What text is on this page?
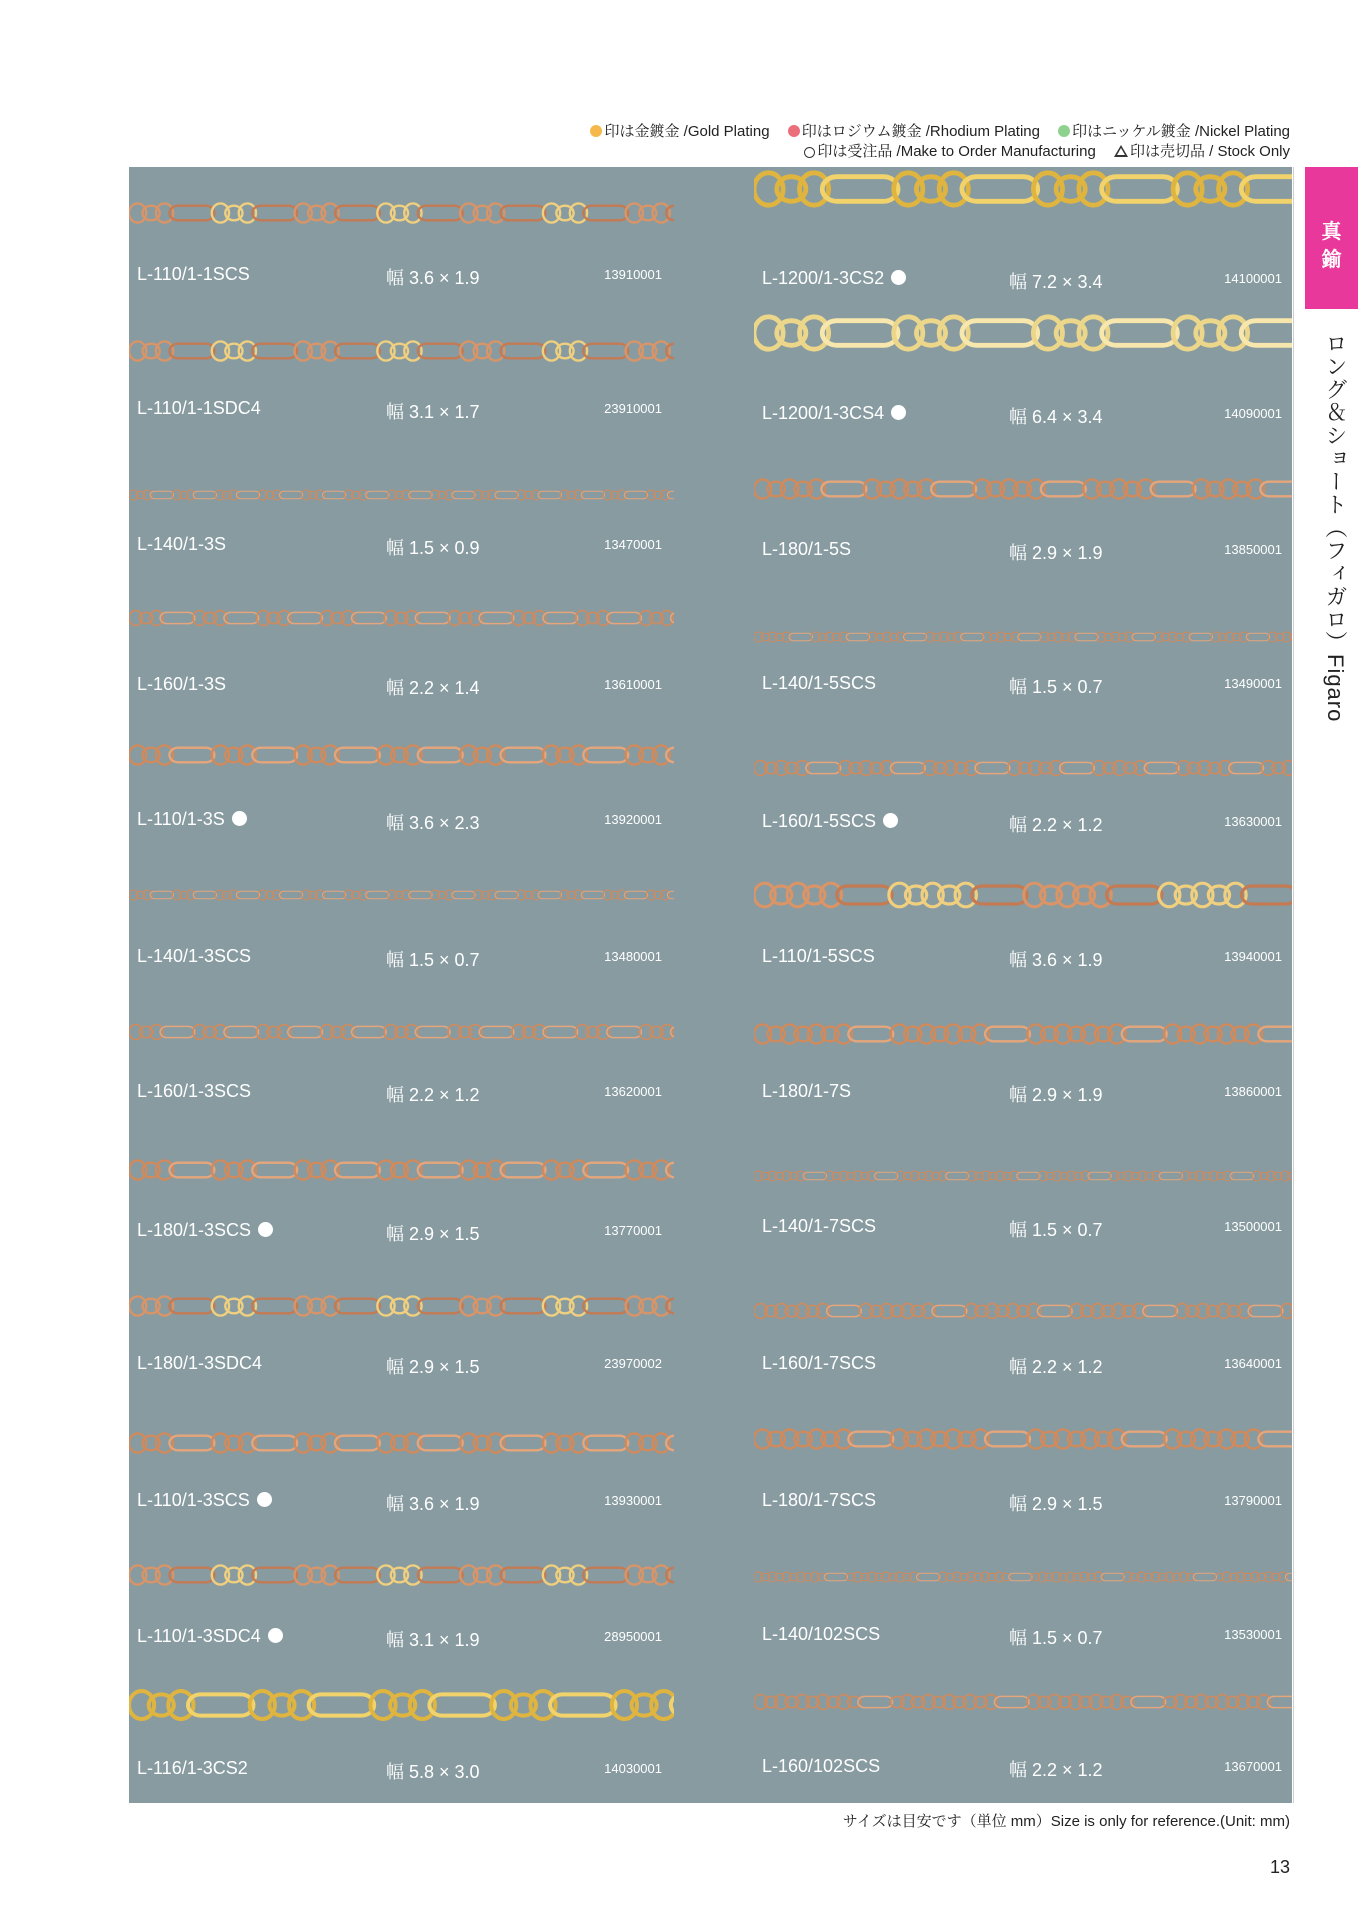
印は金鍍金 /Gold Plating 印はロジウム鍍金 /Rhodium Plating 印はニッケル鍍金 /Nickel Plating
印は受注品 /Make to Order Manufacturing 印は売切品 / Stock Only
L-110/1-1SCS	幅 3.6 × 1.9	13910001
L-110/1-1SDC4	幅 3.1 × 1.7	23910001
L-140/1-3S	幅 1.5 × 0.9	13470001
L-160/1-3S	幅 2.2 × 1.4	13610001
L-110/1-3S	幅 3.6 × 2.3	13920001
L-140/1-3SCS	幅 1.5 × 0.7	13480001
L-160/1-3SCS	幅 2.2 × 1.2	13620001
L-180/1-3SCS	幅 2.9 × 1.5	13770001
L-180/1-3SDC4	幅 2.9 × 1.5	23970002
L-110/1-3SCS	幅 3.6 × 1.9	13930001
L-110/1-3SDC4	幅 3.1 × 1.9	28950001
L-116/1-3CS2	幅 5.8 × 3.0	14030001
L-1200/1-3CS2	幅 7.2 × 3.4	14100001
L-1200/1-3CS4	幅 6.4 × 3.4	14090001
L-180/1-5S	幅 2.9 × 1.9	13850001
L-140/1-5SCS	幅 1.5 × 0.7	13490001
L-160/1-5SCS	幅 2.2 × 1.2	13630001
L-110/1-5SCS	幅 3.6 × 1.9	13940001
L-180/1-7S	幅 2.9 × 1.9	13860001
L-140/1-7SCS	幅 1.5 × 0.7	13500001
L-160/1-7SCS	幅 2.2 × 1.2	13640001
L-180/1-7SCS	幅 2.9 × 1.5	13790001
L-140/102SCS	幅 1.5 × 0.7	13530001
L-160/102SCS	幅 2.2 × 1.2	13670001
真
鍮
ロング＆ショート（フィガロ）Figaro
サイズは目安です（単位 mm）Size is only for reference.(Unit: mm)
13
